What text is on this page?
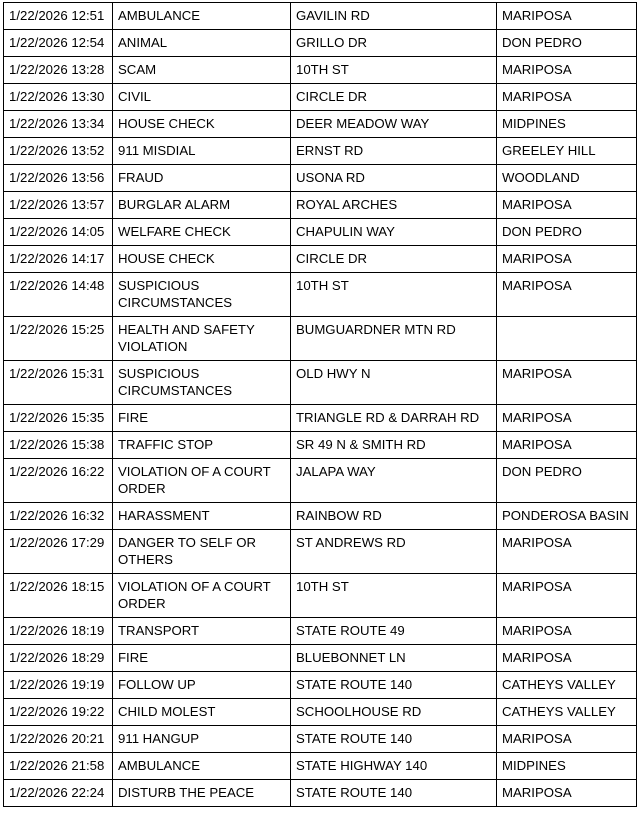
1/22/2026 12:51	AMBULANCE	GAVILIN RD	MARIPOSA
1/22/2026 12:54	ANIMAL	GRILLO DR	DON PEDRO
1/22/2026 13:28	SCAM	10TH ST	MARIPOSA
1/22/2026 13:30	CIVIL	CIRCLE DR	MARIPOSA
1/22/2026 13:34	HOUSE CHECK	DEER MEADOW WAY	MIDPINES
1/22/2026 13:52	911 MISDIAL	ERNST RD	GREELEY HILL
1/22/2026 13:56	FRAUD	USONA RD	WOODLAND
1/22/2026 13:57	BURGLAR ALARM	ROYAL ARCHES	MARIPOSA
1/22/2026 14:05	WELFARE CHECK	CHAPULIN WAY	DON PEDRO
1/22/2026 14:17	HOUSE CHECK	CIRCLE DR	MARIPOSA
1/22/2026 14:48	SUSPICIOUS CIRCUMSTANCES	10TH ST	MARIPOSA
1/22/2026 15:25	HEALTH AND SAFETY VIOLATION	BUMGUARDNER MTN RD	
1/22/2026 15:31	SUSPICIOUS CIRCUMSTANCES	OLD HWY N	MARIPOSA
1/22/2026 15:35	FIRE	TRIANGLE RD & DARRAH RD	MARIPOSA
1/22/2026 15:38	TRAFFIC STOP	SR 49 N & SMITH RD	MARIPOSA
1/22/2026 16:22	VIOLATION OF A COURT ORDER	JALAPA WAY	DON PEDRO
1/22/2026 16:32	HARASSMENT	RAINBOW RD	PONDEROSA BASIN
1/22/2026 17:29	DANGER TO SELF OR OTHERS	ST ANDREWS RD	MARIPOSA
1/22/2026 18:15	VIOLATION OF A COURT ORDER	10TH ST	MARIPOSA
1/22/2026 18:19	TRANSPORT	STATE ROUTE 49	MARIPOSA
1/22/2026 18:29	FIRE	BLUEBONNET LN	MARIPOSA
1/22/2026 19:19	FOLLOW UP	STATE ROUTE 140	CATHEYS VALLEY
1/22/2026 19:22	CHILD MOLEST	SCHOOLHOUSE RD	CATHEYS VALLEY
1/22/2026 20:21	911 HANGUP	STATE ROUTE 140	MARIPOSA
1/22/2026 21:58	AMBULANCE	STATE HIGHWAY 140	MIDPINES
1/22/2026 22:24	DISTURB THE PEACE	STATE ROUTE 140	MARIPOSA
